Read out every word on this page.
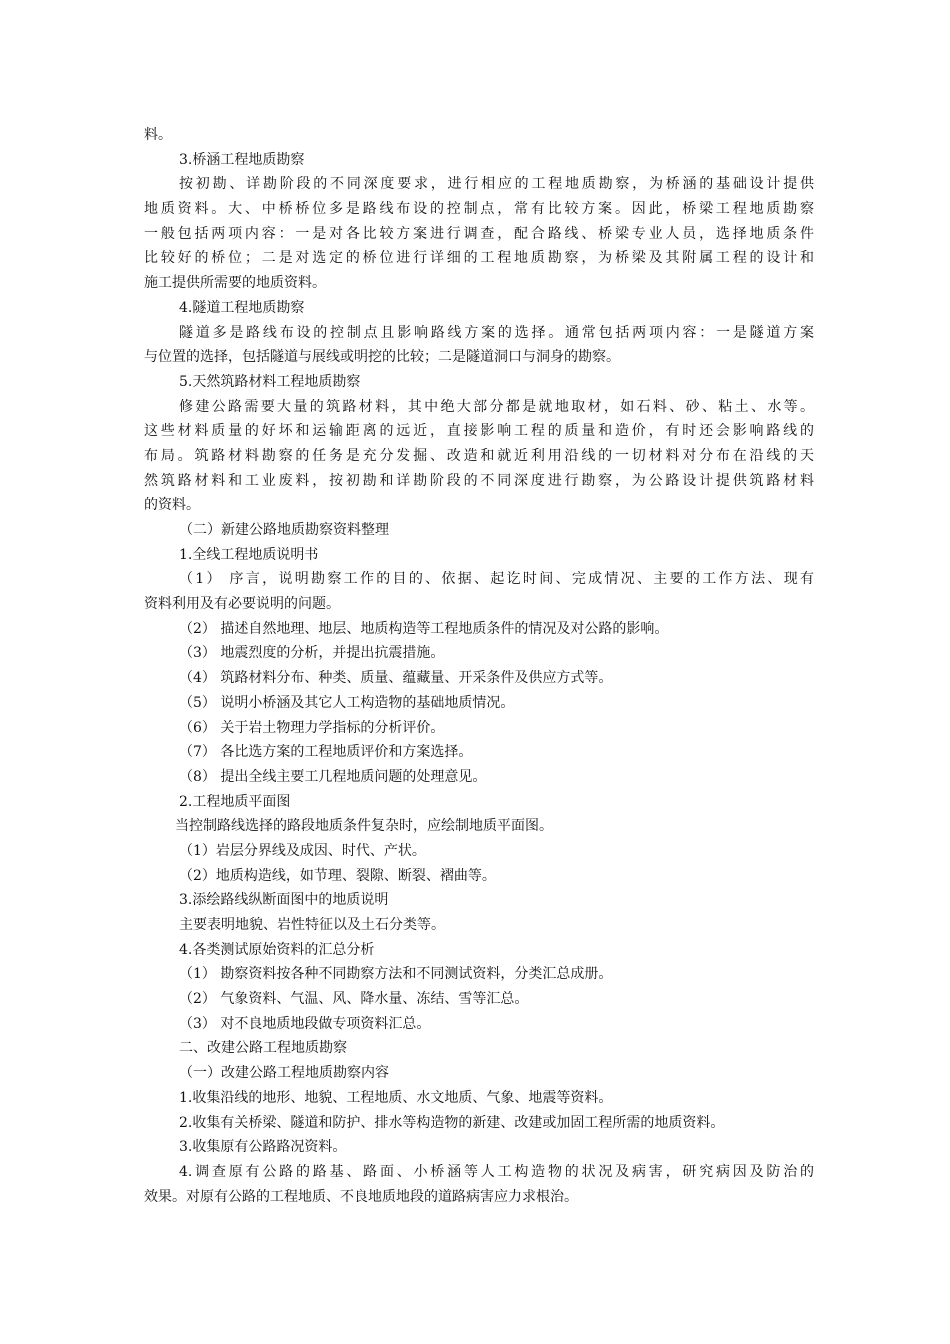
料。
3.桥涵工程地质勘察
按初勘、详勘阶段的不同深度要求，进行相应的工程地质勘察，为桥涵的基础设计提供
地质资料。大、中桥桥位多是路线布设的控制点，常有比较方案。因此，桥梁工程地质勘察
一般包括两项内容：一是对各比较方案进行调查，配合路线、桥梁专业人员，选择地质条件
比较好的桥位；二是对选定的桥位进行详细的工程地质勘察，为桥梁及其附属工程的设计和
施工提供所需要的地质资料。
4.隧道工程地质勘察
隧道多是路线布设的控制点且影响路线方案的选择。通常包括两项内容：一是隧道方案
与位置的选择，包括隧道与展线或明挖的比较；二是隧道洞口与洞身的勘察。
5.天然筑路材料工程地质勘察
修建公路需要大量的筑路材料，其中绝大部分都是就地取材，如石料、砂、粘土、水等。
这些材料质量的好坏和运输距离的远近，直接影响工程的质量和造价，有时还会影响路线的
布局。筑路材料勘察的任务是充分发掘、改造和就近利用沿线的一切材料对分布在沿线的天
然筑路材料和工业废料，按初勘和详勘阶段的不同深度进行勘察，为公路设计提供筑路材料
的资料。
（二）新建公路地质勘察资料整理
1.全线工程地质说明书
（1） 序言，说明勘察工作的目的、依据、起讫时间、完成情况、主要的工作方法、现有
资料利用及有必要说明的问题。
（2） 描述自然地理、地层、地质构造等工程地质条件的情况及对公路的影响。
（3） 地震烈度的分析，并提出抗震措施。
（4） 筑路材料分布、种类、质量、蕴藏量、开采条件及供应方式等。
（5） 说明小桥涵及其它人工构造物的基础地质情况。
（6） 关于岩土物理力学指标的分析评价。
（7） 各比选方案的工程地质评价和方案选择。
（8） 提出全线主要工几程地质问题的处理意见。
2.工程地质平面图
当控制路线选择的路段地质条件复杂时，应绘制地质平面图。
（1）岩层分界线及成因、时代、产状。
（2）地质构造线，如节理、裂隙、断裂、褶曲等。
3.添绘路线纵断面图中的地质说明
主要表明地貌、岩性特征以及土石分类等。
4.各类测试原始资料的汇总分析
（1） 勘察资料按各种不同勘察方法和不同测试资料，分类汇总成册。
（2） 气象资料、气温、风、降水量、冻结、雪等汇总。
（3） 对不良地质地段做专项资料汇总。
二、改建公路工程地质勘察
（一）改建公路工程地质勘察内容
1.收集沿线的地形、地貌、工程地质、水文地质、气象、地震等资料。
2.收集有关桥梁、隧道和防护、排水等构造物的新建、改建或加固工程所需的地质资料。
3.收集原有公路路况资料。
4.调查原有公路的路基、路面、小桥涵等人工构造物的状况及病害，研究病因及防治的
效果。对原有公路的工程地质、不良地质地段的道路病害应力求根治。
